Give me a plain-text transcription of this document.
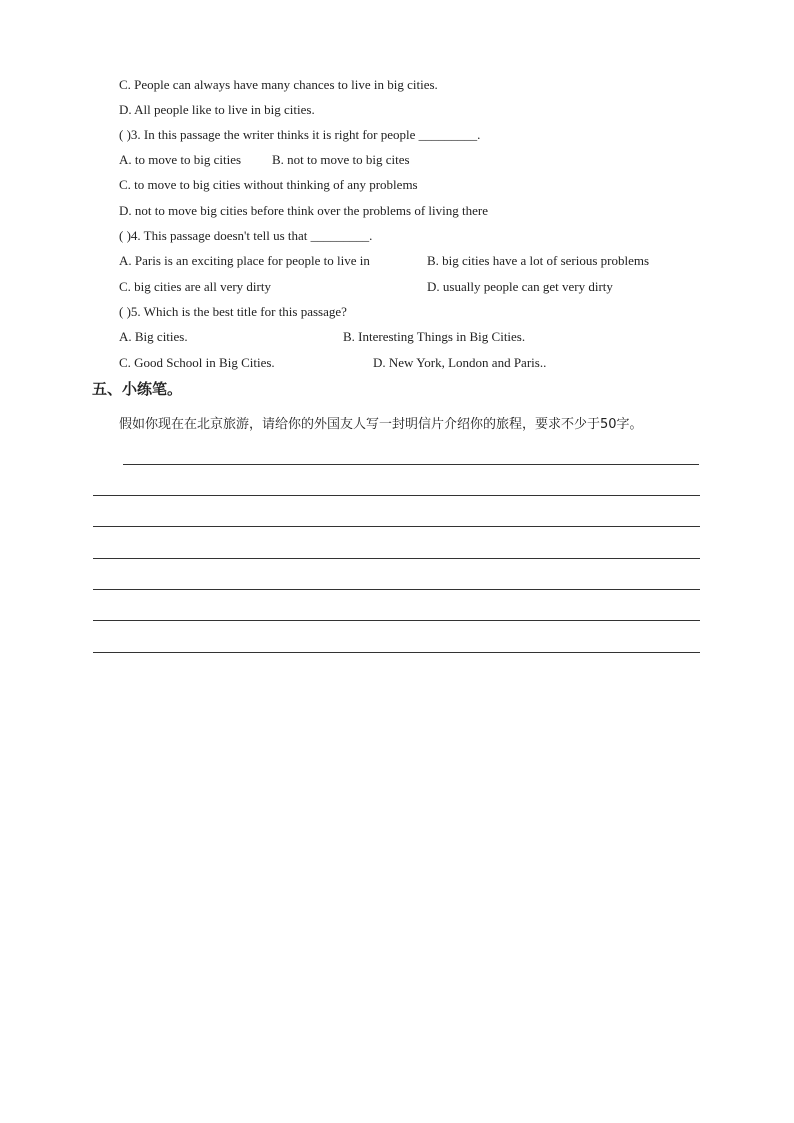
C. People can always have many chances to live in big cities.
D. All people like to live in big cities.
( )3. In this passage the writer thinks it is right for people _________.
A. to move to big cities B. not to move to big cites
C. to move to big cities without thinking of any problems
D. not to move big cities before think over the problems of living there
( )4. This passage doesn't tell us that _________.
A. Paris is an exciting place for people to live in	B. big cities have a lot of serious problems
C. big cities are all very dirty	D. usually people can get very dirty
( )5. Which is the best title for this passage?
A. Big cities.	B. Interesting Things in Big Cities.
C. Good School in Big Cities.	D. New York, London and Paris..
五、小练笔。
假如你现在在北京旅游，请给你的外国友人写一封明信片介绍你的旅程，要求不少于50字。
